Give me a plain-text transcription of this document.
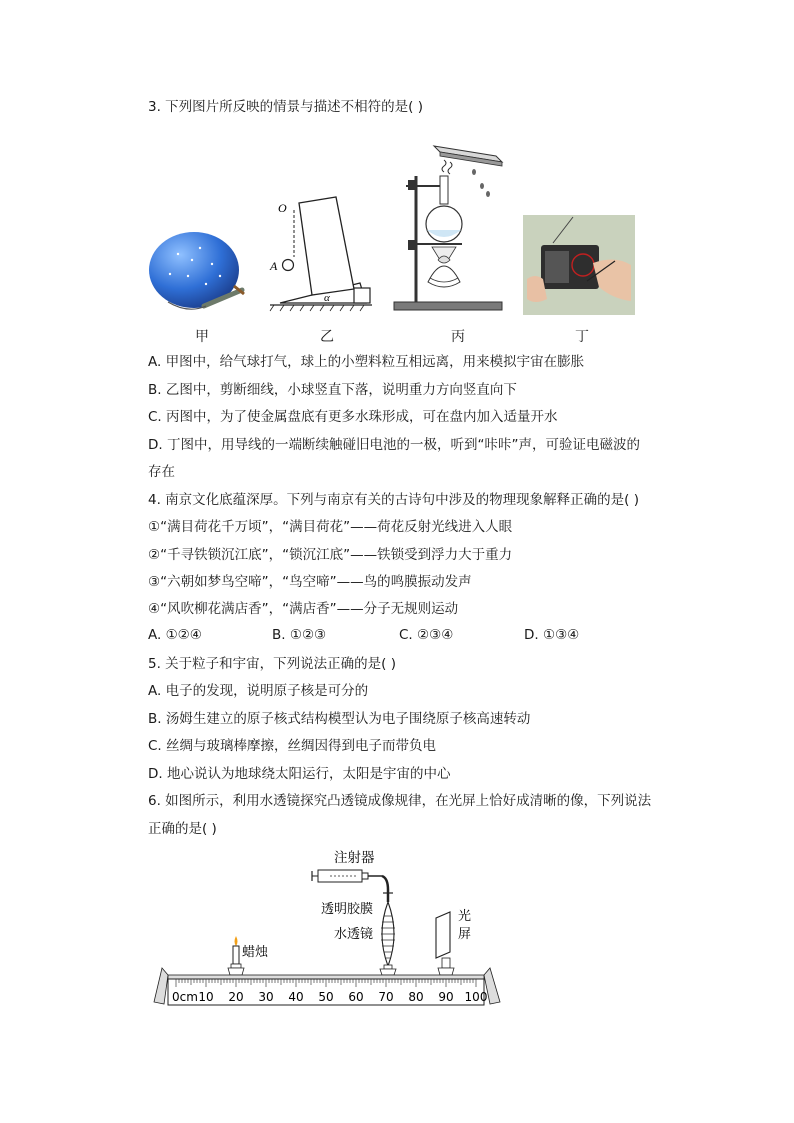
3. 下列图片所反映的情景与描述不相符的是( )
甲
O
A
α
乙	丙	丁
A. 甲图中，给气球打气，球上的小塑料粒互相远离，用来模拟宇宙在膨胀
B. 乙图中，剪断细线，小球竖直下落，说明重力方向竖直向下
C. 丙图中，为了使金属盘底有更多水珠形成，可在盘内加入适量开水
D. 丁图中，用导线的一端断续触碰旧电池的一极，听到“咔咔”声，可验证电磁波的
存在
4. 南京文化底蕴深厚。下列与南京有关的古诗句中涉及的物理现象解释正确的是( )
①“满目荷花千万顷”，“满目荷花”——荷花反射光线进入人眼
②“千寻铁锁沉江底”，“锁沉江底”——铁锁受到浮力大于重力
③“六朝如梦鸟空啼”，“鸟空啼”——鸟的鸣膜振动发声
④“风吹柳花满店香”，“满店香”——分子无规则运动
A. ①②④	B. ①②③	C. ②③④	D. ①③④
5. 关于粒子和宇宙，下列说法正确的是( )
A. 电子的发现，说明原子核是可分的
B. 汤姆生建立的原子核式结构模型认为电子围绕原子核高速转动
C. 丝绸与玻璃棒摩擦，丝绸因得到电子而带负电
D. 地心说认为地球绕太阳运行，太阳是宇宙的中心
6. 如图所示，利用水透镜探究凸透镜成像规律，在光屏上恰好成清晰的像，下列说法
正确的是( )
注射器
透明胶膜
水透镜
蜡烛
光
屏
0cm 10 20 30 40 50 60 70 80 90 100
